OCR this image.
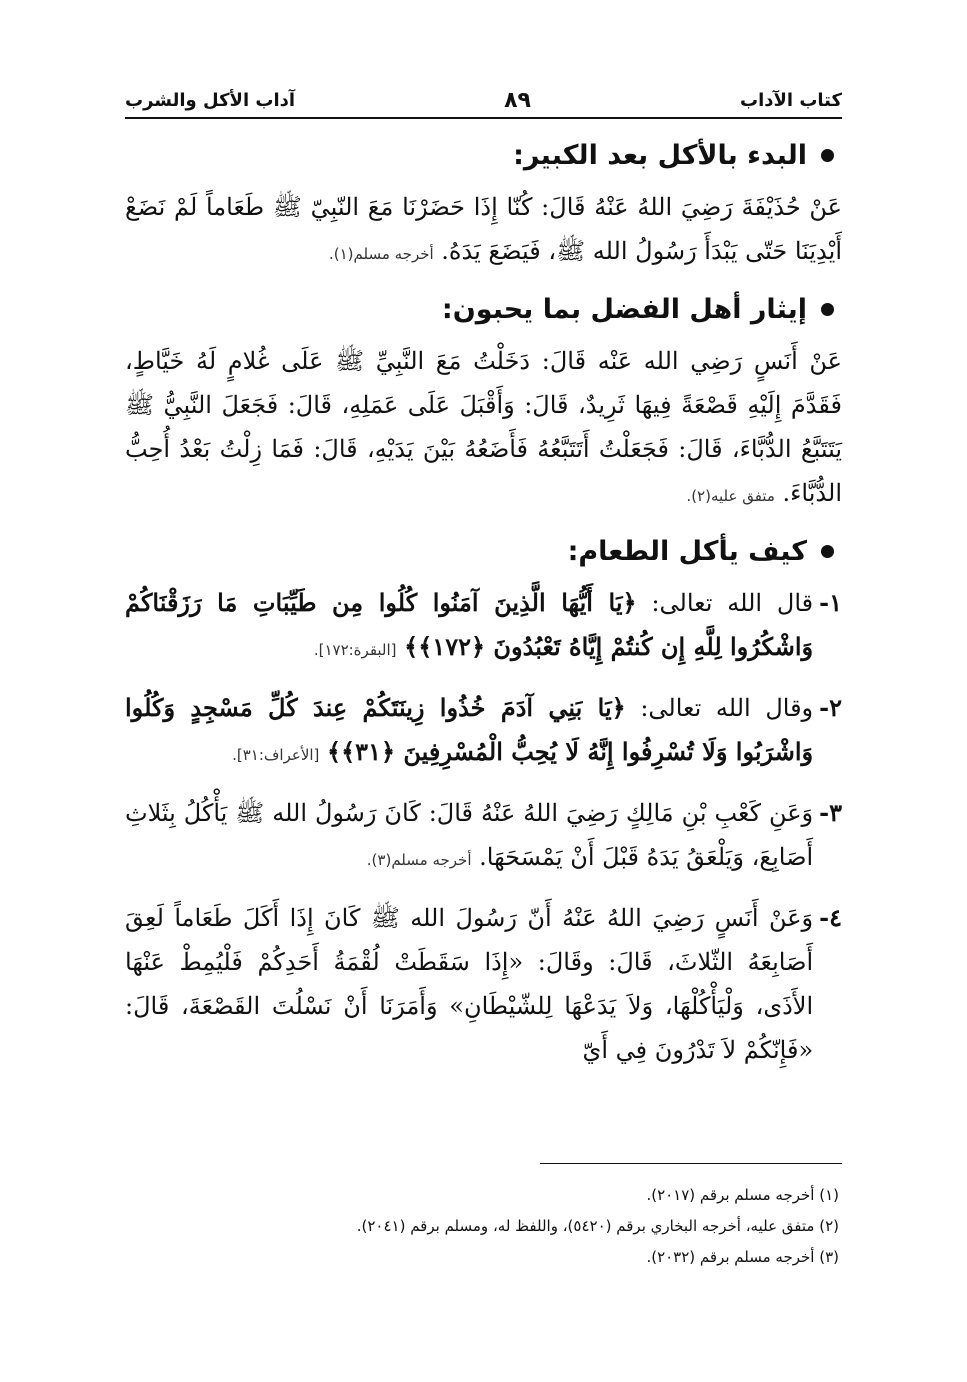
كتاب الآداب
٨٩
آداب الأكل والشرب
البدء بالأكل بعد الكبير:

عَنْ حُذَيْفَةَ رَضِيَ اللهُ عَنْهُ قَالَ: كُنّا إِذَا حَضَرْنَا مَعَ النّبِيّ ﷺ طَعَاماً لَمْ نَضَعْ أَيْدِيَنَا حَتّى يَبْدَأَ رَسُولُ الله ﷺ، فَيَضَعَ يَدَهُ. أخرجه مسلم(١).

إيثار أهل الفضل بما يحبون:

عَنْ أَنَسٍ رَضِي الله عَنْه قَالَ: دَخَلْتُ مَعَ النَّبِيِّ ﷺ عَلَى غُلامٍ لَهُ خَيَّاطٍ، فَقَدَّمَ إِلَيْهِ قَصْعَةً فِيهَا ثَرِيدٌ، قَالَ: وَأَقْبَلَ عَلَى عَمَلِهِ، قَالَ: فَجَعَلَ النَّبِيُّ ﷺ يَتَتَبَّعُ الدُّبَّاءَ، قَالَ: فَجَعَلْتُ أَتَتَبَّعُهُ فَأَضَعُهُ بَيْنَ يَدَيْهِ، قَالَ: فَمَا زِلْتُ بَعْدُ أُحِبُّ الدُّبَّاءَ. متفق عليه(٢).

كيف يأكل الطعام:
١-
قال الله تعالى: ﴿يَا أَيُّهَا الَّذِينَ آمَنُوا كُلُوا مِن طَيِّبَاتِ مَا رَزَقْنَاكُمْ وَاشْكُرُوا لِلَّهِ إِن كُنتُمْ إِيَّاهُ تَعْبُدُونَ ﴿١٧٢﴾﴾ [البقرة:١٧٢].
٢-
وقال الله تعالى: ﴿يَا بَنِي آدَمَ خُذُوا زِينَتَكُمْ عِندَ كُلِّ مَسْجِدٍ وَكُلُوا وَاشْرَبُوا وَلَا تُسْرِفُوا إِنَّهُ لَا يُحِبُّ الْمُسْرِفِينَ ﴿٣١﴾﴾ [الأعراف:٣١].
٣-
وَعَنِ كَعْبِ بْنِ مَالِكٍ رَضِيَ اللهُ عَنْهُ قَالَ: كَانَ رَسُولُ الله ﷺ يَأْكُلُ بِثَلاثِ أَصَابِعَ، وَيَلْعَقُ يَدَهُ قَبْلَ أَنْ يَمْسَحَهَا. أخرجه مسلم(٣).
٤-
وَعَنْ أَنَسٍ رَضِيَ اللهُ عَنْهُ أَنّ رَسُولَ الله ﷺ كَانَ إِذَا أَكَلَ طَعَاماً لَعِقَ أَصَابِعَهُ الثّلاثَ، قَالَ: وقَالَ: «إِذَا سَقَطَتْ لُقْمَةُ أَحَدِكُمْ فَلْيُمِطْ عَنْهَا الأَذَى، وَلْيَأْكُلْهَا، وَلاَ يَدَعْهَا لِلشّيْطَانِ» وَأَمَرَنَا أَنْ نَسْلُتَ القَصْعَةَ، قَالَ: «فَإِنّكُمْ لاَ تَدْرُونَ فِي أَيّ
(١) أخرجه مسلم برقم (٢٠١٧).
(٢) متفق عليه، أخرجه البخاري برقم (٥٤٢٠)، واللفظ له، ومسلم برقم (٢٠٤١).
(٣) أخرجه مسلم برقم (٢٠٣٢).
